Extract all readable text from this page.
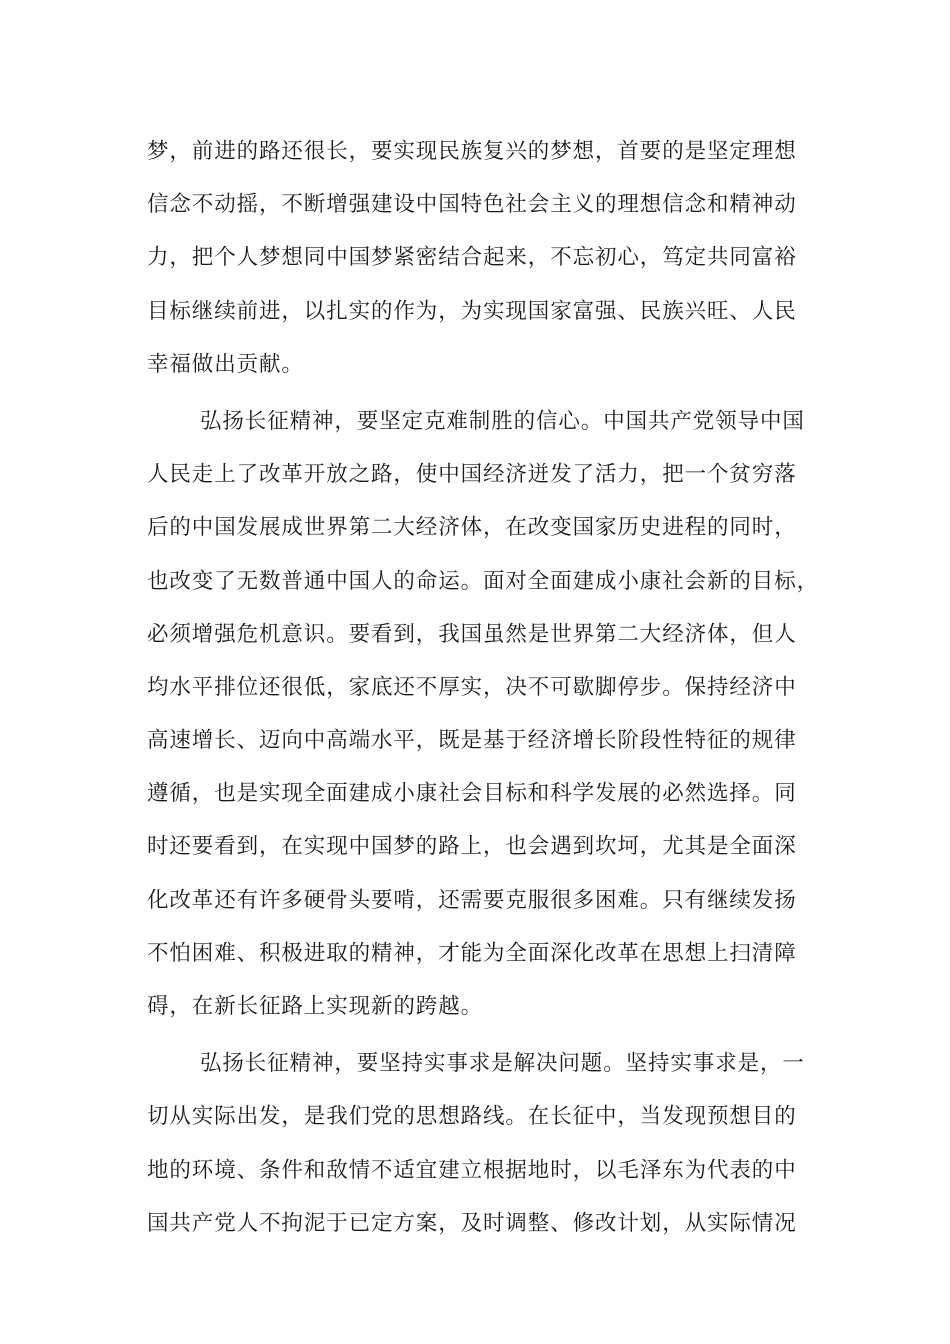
梦，前进的路还很长，要实现民族复兴的梦想，首要的是坚定理想
信念不动摇，不断增强建设中国特色社会主义的理想信念和精神动
力，把个人梦想同中国梦紧密结合起来，不忘初心，笃定共同富裕
目标继续前进，以扎实的作为，为实现国家富强、民族兴旺、人民
幸福做出贡献。
弘扬长征精神，要坚定克难制胜的信心。中国共产党领导中国
人民走上了改革开放之路，使中国经济迸发了活力，把一个贫穷落
后的中国发展成世界第二大经济体，在改变国家历史进程的同时，
也改变了无数普通中国人的命运。面对全面建成小康社会新的目标，
必须增强危机意识。要看到，我国虽然是世界第二大经济体，但人
均水平排位还很低，家底还不厚实，决不可歇脚停步。保持经济中
高速增长、迈向中高端水平，既是基于经济增长阶段性特征的规律
遵循，也是实现全面建成小康社会目标和科学发展的必然选择。同
时还要看到，在实现中国梦的路上，也会遇到坎坷，尤其是全面深
化改革还有许多硬骨头要啃，还需要克服很多困难。只有继续发扬
不怕困难、积极进取的精神，才能为全面深化改革在思想上扫清障
碍，在新长征路上实现新的跨越。
弘扬长征精神，要坚持实事求是解决问题。坚持实事求是，一
切从实际出发，是我们党的思想路线。在长征中，当发现预想目的
地的环境、条件和敌情不适宜建立根据地时，以毛泽东为代表的中
国共产党人不拘泥于已定方案，及时调整、修改计划，从实际情况
